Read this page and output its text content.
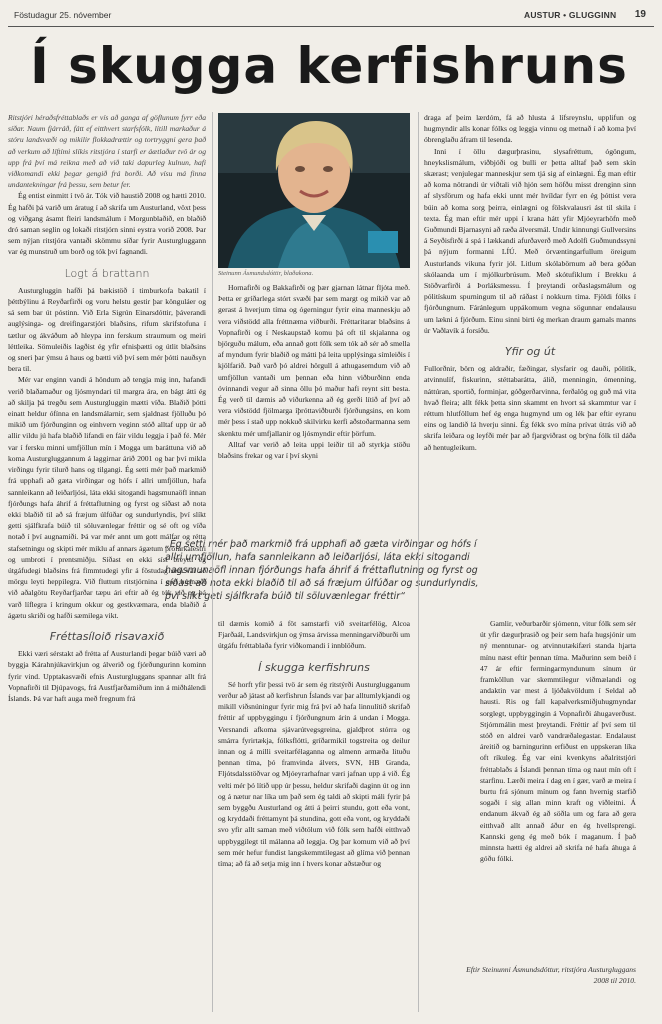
Föstudagur 25. nóvember	AUSTUR • GLUGGINN 19
Í skugga kerfishruns

Ritstjóri héraðsfréttablaðs er vís að ganga af göflunum fyrr eða síðar. Naum fjárráð, fátt ef eitthvert starfsfólk, lítill markaður á stóru landsvæði og mikilir flokkadrættir og tortryggni gera það að verkum að líftími slíkis ritstjóra í starfi er áætlaður tvö ár og upp frá því má reikna með að við taki dapurleg kulnun, hafi viðkomandi ekki þegar gengið frá borði. Að vísu má finna undantekningar frá þessu, sem betur fer.

Ég entist einmitt í tvö ár. Tók við haustið 2008 og hætti 2010. Ég hafði þá varið um áratug í að skrifa um Austurland, vöxt þess og viðgang ásamt fleiri landsmálum í Morgunblaðið, en blaðið dró saman seglin og lokaði ritstjórn sinni eystra vorið 2008. Þar sem nýjan ritstjóra vantaði skömmu síðar fyrir Austurgluggann var ég munstruð um borð og tók því fagnandi.

Logt á brattann

Austurgluggin hafði þá bækistöð í timburkofa bakatil í þéttbýlinu á Reyðarfirði og voru helstu gestir þar könguláer og sá sem bar út póstinn. Við Erla Sigrún Einarsdóttir, þáverandi auglýsinga- og dreifingarstjóri blaðsins, rifum skrifstofuna í tætlur og ákváðum að hleypa inn ferskum straumum og meiri léttleika. Sömuleiðis lagðist ég yfir efnisþætti og útlit blaðsins og sneri þar ýmsu á haus og bætti við því sem mér þótti nauðsyn bera til.

Mér var enginn vandi á höndum að tengja mig inn, hafandi verið blaðamaður og ljósmyndari til margra ára, en bágt átti ég að skilja þá tregðu sem Austurgluggin mætti víða. Blaðið þótti einatt heldur ófínna en landsmálarnir, sem sjaldnast fjölluðu þó mikið um fjórðunginn og einhvern veginn stóð alltaf upp úr að allir vildu jú hafa blaðið lifandi en fáir vildu leggja í það fé. Mér var í fersku minni umfjöllun mín í Mogga um baráttuna við að koma Austurgluggannum á laggirnar árið 2001 og bar því mikla virðingu fyrir tilurð hans og tilgangi. Ég setti mér það markmið frá upphafi að gæta virðingar og hófs í allri umfjöllun, hafa sannleikann að leiðarljósi, láta ekki sitogandi hagsmunaöfl innan fjórðungs hafa áhrif á fréttaflutning og fyrst og síðast að nota ekki blaðið til að sá fræjum úlfúðar og sundurlyndis, því slíkt getti sjálfkrafa búið til söluvænlegar fréttir og sé oft og víða notað í því augnamiði. Þá var mér annt um gott málfar og rétta stafsetningu og skipti mér miklu af annars ágætum prófarkalestri og umbroti í prentsmiðju. Síðast en ekki síst breytti ég útgáfudegi blaðsins frá fimmtudegi yfir á föstudag sem var að mörgu leyti heppilegra. Við fluttum ritstjórnina í gott húsnæði við aðalgötu Reyðarfjarðar tæpu ári eftir að ég tók við og þá varð líflegra í kringum okkur og gestkvæmara, enda blaðið á ágætu skriði og hafði sæmilega vikt.

Fréttasíloið risavaxið

Ekki væri sérstakt að frétta af Austurlandi þegar búið væri að byggja Kárahnjúkavirkjun og álverið og fjórðungurinn kominn fyrir vind. Upptakasvæði efnis Austurgluggans spannar allt frá Vopnafirði til Djúpavogs, frá Austfjarðamiðum inn á miðhálendi Íslands. Þá var haft auga með fregnum frá

Steinunn Ásmundsdóttir, blaðakona.

Hornafirði og Bakkafirði og þær gjarnan látnar fljóta með. Þetta er gríðarlega stórt svæði þar sem margt og mikið var að gerast á hverjum tíma og ógerningur fyrir eina manneskju að vera viðstödd alla fréttnæma viðburði. Fréttaritarar blaðsins á Vopnafirði og í Neskaupstað komu þá oft til skjalanna og björguðu málum, eða annað gott fólk sem tók að sér að smella af myndum fyrir blaðið og mátti þá leita upplýsinga símleiðis í kjölfarið. Það varð þó aldrei hörgull á athugasemdum við að umfjöllun vantaði um þennan eða hinn viðburðinn enda óvinnandi vegur að sinna öllu þó maður hafi reynt sitt besta. Ég verð til dæmis að viðurkenna að ég gerði lítið af því að vera viðstödd fjölmarga íþróttaviðburði fjórðungsins, en kom mér þess í stað upp nokkuð skilvirku kerfi aðstoðarmanna sem skenktu mér umfjallanir og ljósmyndir eftir þörfum.

Alltaf var verið að leita uppi leiðir til að styrkja stöðu blaðsins frekar og var í því skyni

„Ég setti mér það markmið frá upphafi að gæta virðingar og hófs í allri umfjöllun, hafa sannleikann að leiðarljósi, láta ekki sitogandi hagsmunaöfl innan fjórðungs hafa áhrif á fréttaflutning og fyrst og síðast að nota ekki blaðið til að sá fræjum úlfúðar og sundurlyndis, því slíkt geti sjálfkrafa búið til söluvænlegar fréttir“

til dæmis komið á föt samstarfi við sveitarfélög, Alcoa Fjarðaál, Landsvirkjun og ýmsa árvissa menningarviðburði um útgáfu fréttablaða fyrir viðkomandi í innblöðum.

Í skugga kerfishruns

Sé horft yfir þessi tvö ár sem ég ritstýrði Austurglugganum verður að játast að kerfishrun Íslands var þar alltumlykjandi og mikill viðsnúningur fyrir mig frá því að hafa linnulítið skrifað fréttir af uppbyggingu í fjórðungnum árin á undan í Mogga. Versnandi afkoma sjávarútvegsgreina, gjaldþrot stórra og smárra fyrirtækja, fólksflótti, gríðarmikil togstreita og deilur innan og á milli sveitarfélaganna og almenn armæða lituðu þennan tíma, þó framvinda álvers, SVN, HB Granda, Fljótsdalsstöðvar og Mjóeyrarhafnar væri jafnan upp á við. Ég velti mér þó lítið upp úr þessu, heldur skrifaði daginn út og inn og á nætur nar líka um það sem ég taldi að skipti máli fyrir þá sem byggðu Austurland og átti á þeirri stundu, gott eða vont, og kryddaði fréttamynt þá stundina, gott eða vont, og kryddaði svo yfir allt saman með viðtölum við fólk sem hafði eitthvað uppbyggilegt til málanna að leggja. Og þar komum við að því sem mér hefur fundist langskemmtilegast að glíma við þennan tíma; að fá að setja mig inn í hvers konar aðstæður og

draga af þeim lærdóm, fá að hlusta á lífsreynslu, upplifun og hugmyndir alls konar fólks og leggja vinnu og metnað í að koma því óbrenglaðu áfram til lesenda.

Inni í öllu dægurþrasinu, slysafréttum, ógöngum, hneykslismálum, viðbjóði og bulli er þetta alltaf það sem skín skærast; venjulegar manneskjur sem tjá sig af einlægni. Ég man eftir að koma nötrandi úr viðtali við hjón sem höfðu misst drenginn sinn af slysförum og hafa ekki unnt mér hvíldar fyrr en ég þóttist vera búin að koma sorg þeirra, einlægni og fölskvalausri ást til skila í texta. Ég man eftir mér uppi í krana hátt yfir Mjóeyrarhöfn með Guðmundi Bjarnasyni að ræða álversmál. Undir kinnungi Gullversins á Seyðisfirði á spá í lækkandi afurðaverð með Adolfi Guðmundssyni þá nýjum formanni LÍÚ. Með örvæntingarfullum öreigum Austurlands vikuna fyrir jól. Litlum skólabörnum að bera góðan skólaanda um í mjólkurbrúsum. Með skótufiklum í Brekku á Stöðvarfirði á Þorláksmessu. Í þreytandi orðaslagsmálum og pólitískum spurningum til að ráðast í nokkurn tíma. Fjöldi fólks í fjórðungnum. Fáránlegum uppákomum vegna sögunnar endalausu um lækni á fjórðum. Einu sinni birti ég merkan draum gamals manns úr Vaðlavík á forsíðu.

Yfir og út

Fullorðnir, börn og aldraðir, fæðingar, slysfarir og dauði, pólitík, atvinnulíf, fiskurinn, stéttabarátta, álið, menningin, ómenning, náttúran, sportið, forminjar, góðgerðarvinna, ferðalög og guð má vita hvað fleira; allt fékk þetta sinn skammt en hvort sá skammtur var í réttum hlutföllum hef ég enga hugmynd um og lék þar eftir eyranu eins og landið lá hverju sinni. Ég fékk svo mína prívat útrás við að skrifa leiðara og leyfði mér þar að fjargviðrast og brýna fólk til dáða að hentugleikum.

Gamlir, veðurbarðir sjómenn, vitur fólk sem sér út yfir dægurþrasið og þeir sem hafa hugsjónir um ný menntunar- og atvinnutækifæri standa hjarta mínu næst eftir þennan tíma. Maðurinn sem beið í 47 ár eftir fermingarmyndunum sínum úr framköllun var skemmtilegur viðmælandi og andaktin var mest á ljóðakvöldum í Seldal að hausti. Ris og fall kapalverksmiðjuhugmyndar sorglegt, uppbyggingin á Vopnafirði áhugaverðust. Stjórnmálin mest þreytandi. Fréttir af því sem til stóð en aldrei varð vandræðalegastar. Endalaust áreitið og barningurinn erfiðust en uppskeran líka oft ríkuleg. Ég var eini kvenkyns aðalritstjóri fréttablaðs á Íslandi þennan tíma og naut mín oft í starfinu. Lærði meira í dag en í gær, varð æ meira í burtu frá sjónum mínum og fann hvernig starfið sogaði í sig allan minn kraft og viðleitni. Á endanum ákvað ég að söðla um og fara að gera eitthvað allt annað áður en ég hvellsprengi. Kannski geng ég með bók í maganum. Í það minnsta hætti ég aldrei að skrifa né hafa áhuga á góðu fólki.

Eftir Steinunni Ásmundsdóttur, ritstjóra Austurgluggans 2008 til 2010.
